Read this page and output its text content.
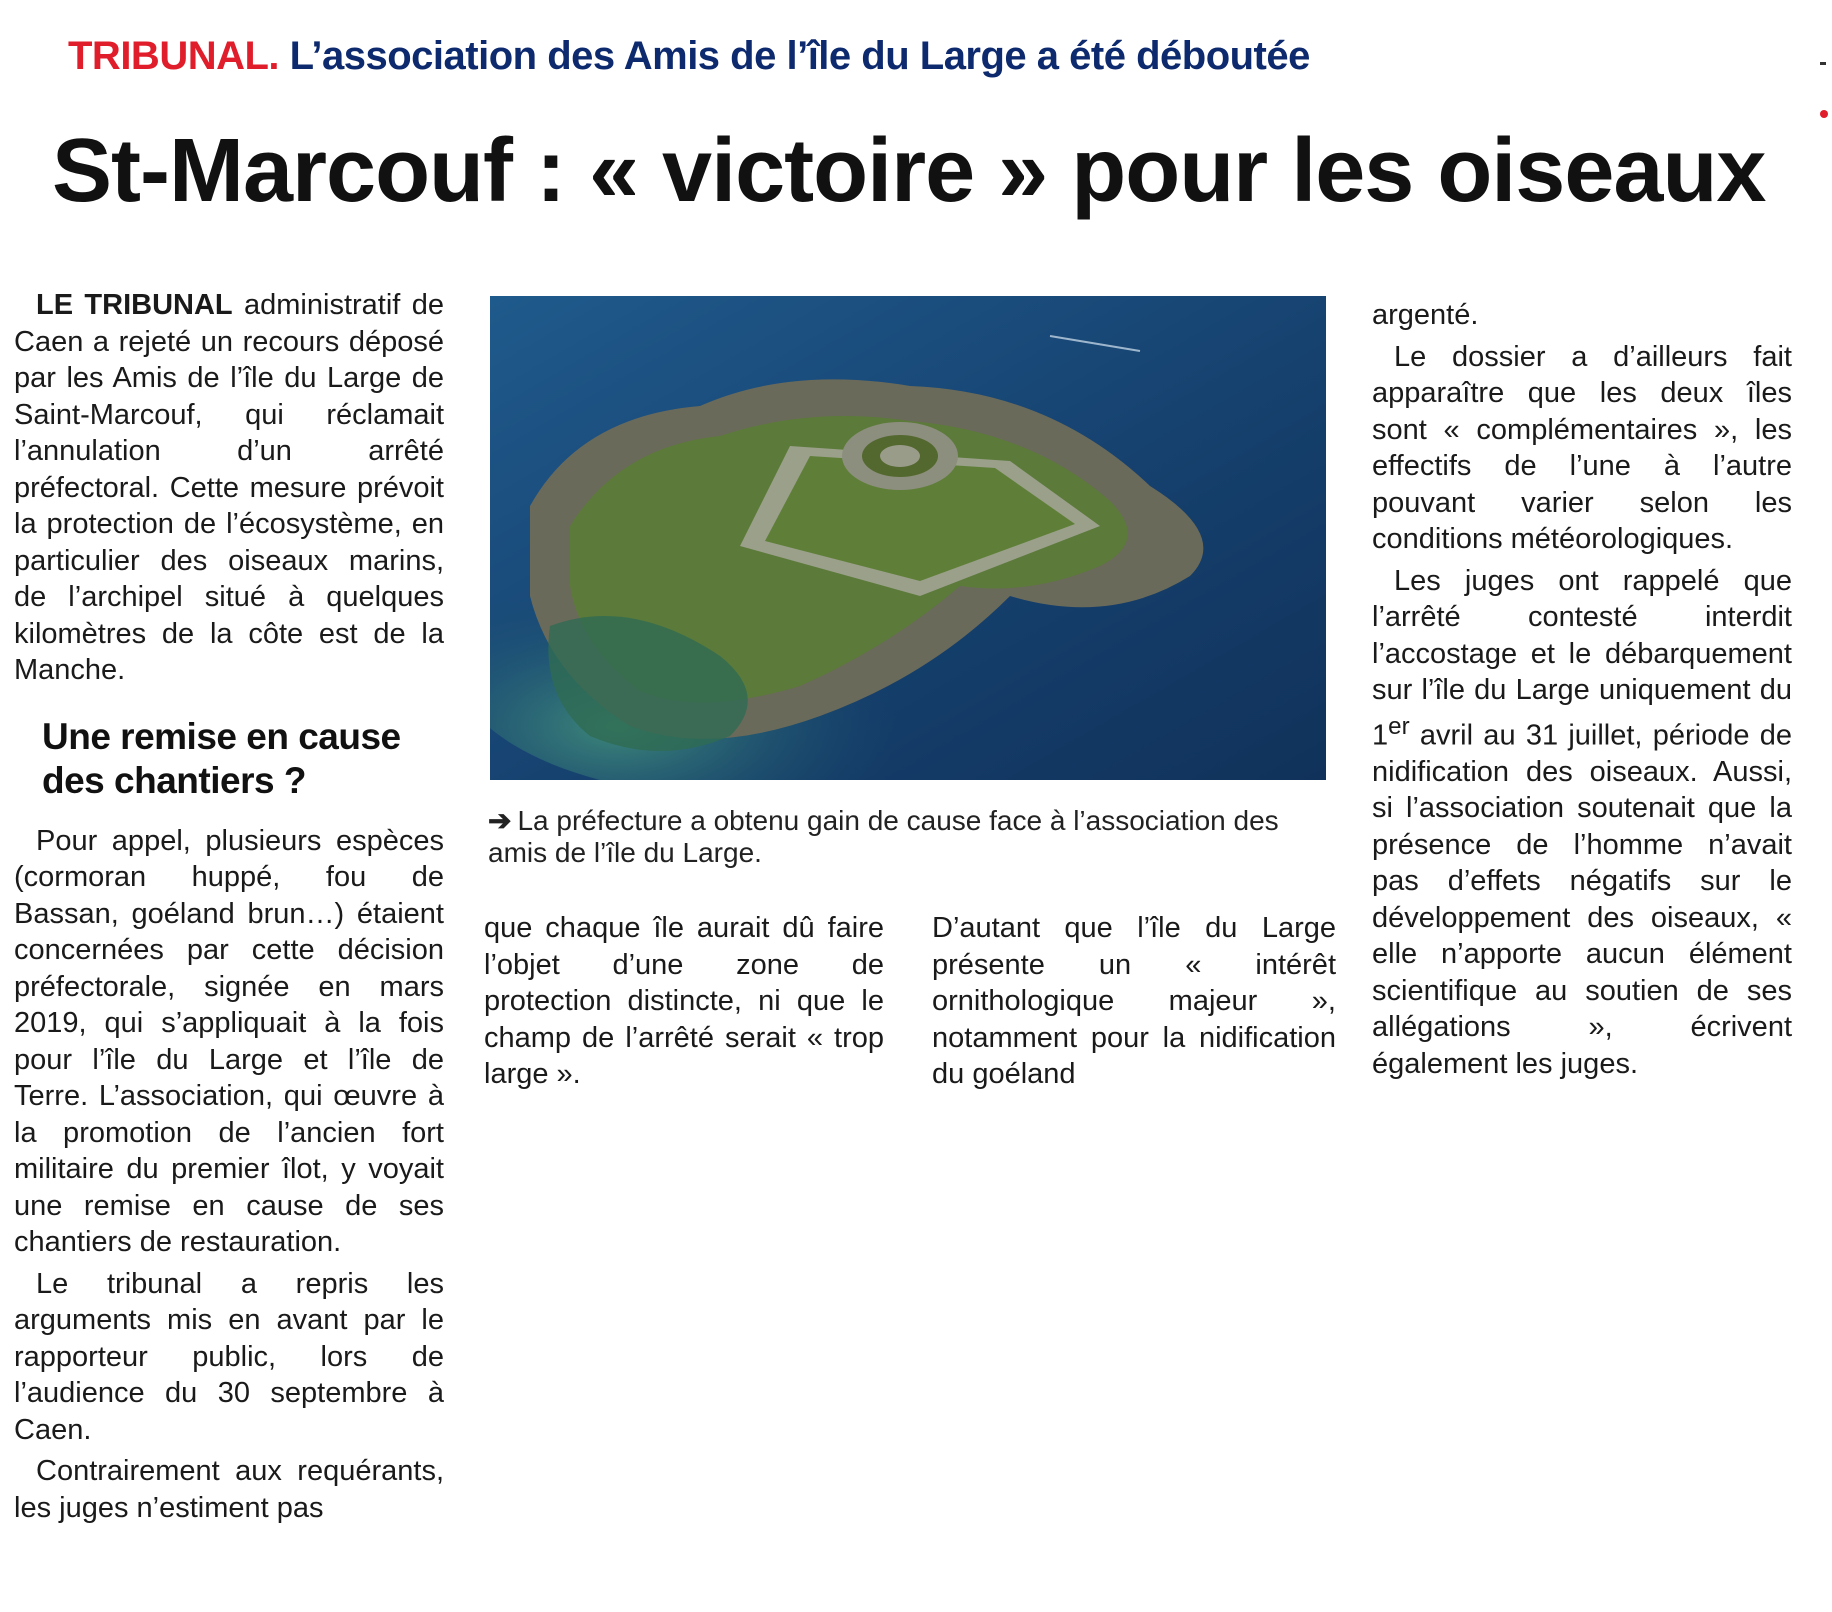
TRIBUNAL. L’association des Amis de l’île du Large a été déboutée
St-Marcouf : « victoire » pour les oiseaux

LE TRIBUNAL administratif de Caen a rejeté un recours déposé par les Amis de l’île du Large de Saint-Marcouf, qui réclamait l’annulation d’un arrêté préfectoral. Cette mesure prévoit la protection de l’écosystème, en particulier des oiseaux marins, de l’archipel situé à quelques kilomètres de la côte est de la Manche.

Une remise en cause des chantiers ?

Pour appel, plusieurs espèces (cormoran huppé, fou de Bassan, goéland brun…) étaient concernées par cette décision préfectorale, signée en mars 2019, qui s’appliquait à la fois pour l’île du Large et l’île de Terre. L’association, qui œuvre à la promotion de l’ancien fort militaire du premier îlot, y voyait une remise en cause de ses chantiers de restauration.

Le tribunal a repris les arguments mis en avant par le rapporteur public, lors de l’audience du 30 septembre à Caen.

Contrairement aux requérants, les juges n’estiment pas

➔ La préfecture a obtenu gain de cause face à l’association des amis de l’île du Large.

que chaque île aurait dû faire l’objet d’une zone de protection distincte, ni que le champ de l’arrêté serait « trop large ».

D’autant que l’île du Large présente un « intérêt ornithologique majeur », notamment pour la nidification du goéland

argenté.

Le dossier a d’ailleurs fait apparaître que les deux îles sont « complémentaires », les effectifs de l’une à l’autre pouvant varier selon les conditions météorologiques.

Les juges ont rappelé que l’arrêté contesté interdit l’accostage et le débarquement sur l’île du Large uniquement du 1er avril au 31 juillet, période de nidification des oiseaux. Aussi, si l’association soutenait que la présence de l’homme n’avait pas d’effets négatifs sur le développement des oiseaux, « elle n’apporte aucun élément scientifique au soutien de ses allégations », écrivent également les juges.
